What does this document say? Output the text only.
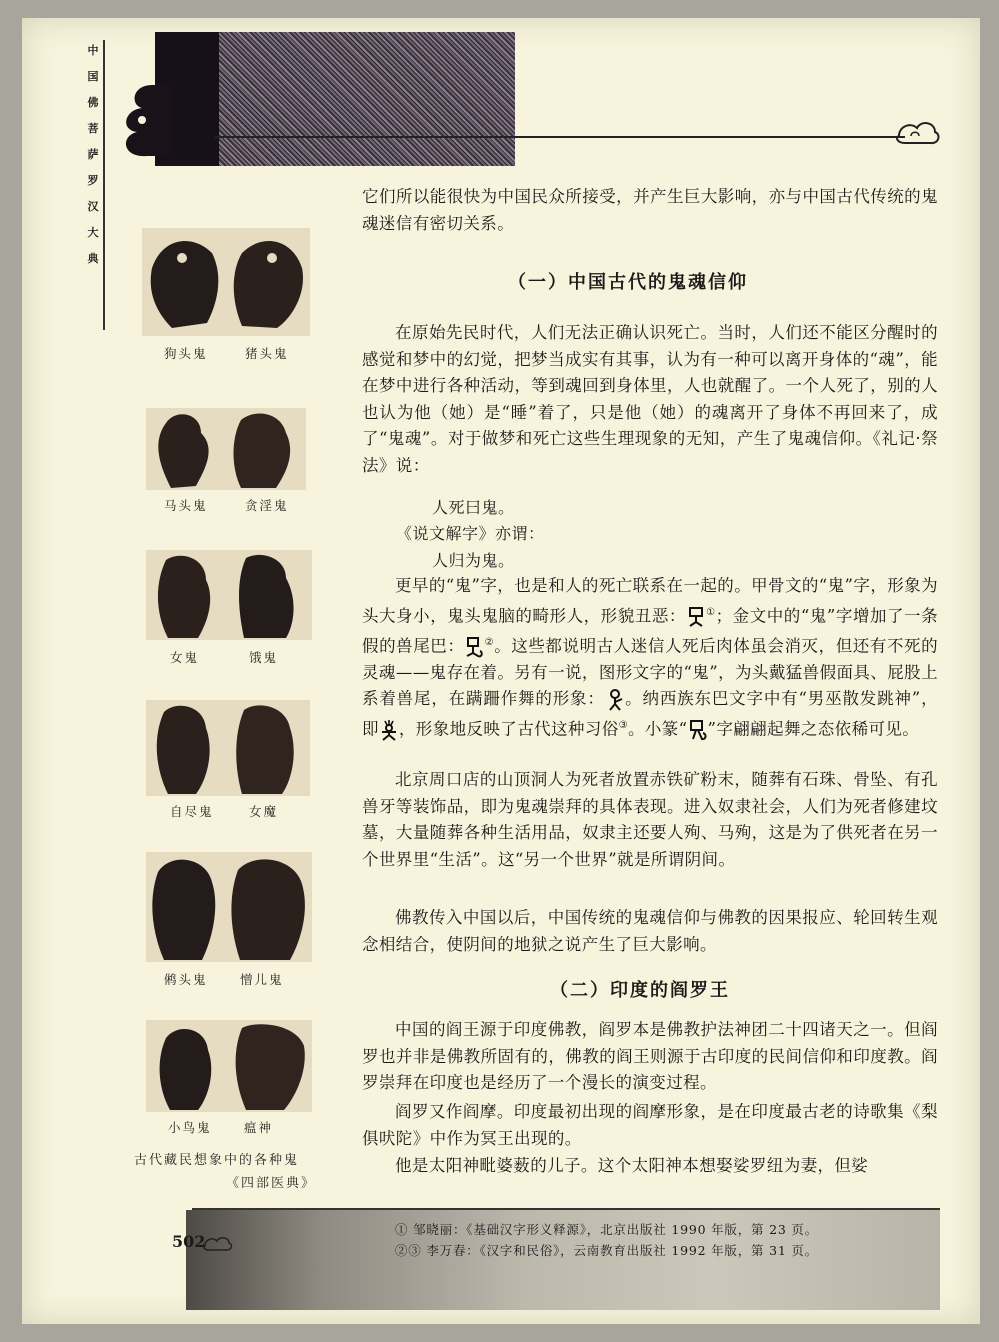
中
国
佛
菩
萨
罗
汉
大
典
狗头鬼	猪头鬼
马头鬼	贪淫鬼
女鬼	饿鬼
自尽鬼	女魔
鸺头鬼	憎儿鬼
小鸟鬼	瘟神
古代藏民想象中的各种鬼
《四部医典》

它们所以能很快为中国民众所接受，并产生巨大影响，亦与中国古代传统的鬼魂迷信有密切关系。

（一）中国古代的鬼魂信仰

在原始先民时代，人们无法正确认识死亡。当时，人们还不能区分醒时的感觉和梦中的幻觉，把梦当成实有其事，认为有一种可以离开身体的“魂”，能在梦中进行各种活动，等到魂回到身体里，人也就醒了。一个人死了，别的人也认为他（她）是“睡”着了，只是他（她）的魂离开了身体不再回来了，成了“鬼魂”。对于做梦和死亡这些生理现象的无知，产生了鬼魂信仰。《礼记·祭法》说：

人死曰鬼。
《说文解字》亦谓：
人归为鬼。

更早的“鬼”字，也是和人的死亡联系在一起的。甲骨文的“鬼”字，形象为头大身小，鬼头鬼脑的畸形人，形貌丑恶： ①；金文中的“鬼”字增加了一条假的兽尾巴： ②。这些都说明古人迷信人死后肉体虽会消灭，但还有不死的灵魂——鬼存在着。另有一说，图形文字的“鬼”，为头戴猛兽假面具、屁股上系着兽尾，在蹒跚作舞的形象： 。纳西族东巴文字中有“男巫散发跳神”，即 ，形象地反映了古代这种习俗③。小篆“ ”字翩翩起舞之态依稀可见。

北京周口店的山顶洞人为死者放置赤铁矿粉末，随葬有石珠、骨坠、有孔兽牙等装饰品，即为鬼魂崇拜的具体表现。进入奴隶社会，人们为死者修建坟墓，大量随葬各种生活用品，奴隶主还要人殉、马殉，这是为了供死者在另一个世界里“生活”。这“另一个世界”就是所谓阴间。

佛教传入中国以后，中国传统的鬼魂信仰与佛教的因果报应、轮回转生观念相结合，使阴间的地狱之说产生了巨大影响。

（二）印度的阎罗王

中国的阎王源于印度佛教，阎罗本是佛教护法神团二十四诸天之一。但阎罗也并非是佛教所固有的，佛教的阎王则源于古印度的民间信仰和印度教。阎罗崇拜在印度也是经历了一个漫长的演变过程。

阎罗又作阎摩。印度最初出现的阎摩形象，是在印度最古老的诗歌集《梨俱吠陀》中作为冥王出现的。

他是太阳神毗婆薮的儿子。这个太阳神本想娶娑罗纽为妻，但娑

502
① 邹晓丽：《基础汉字形义释源》，北京出版社 1990 年版，第 23 页。
②③ 李万春：《汉字和民俗》，云南教育出版社 1992 年版，第 31 页。
